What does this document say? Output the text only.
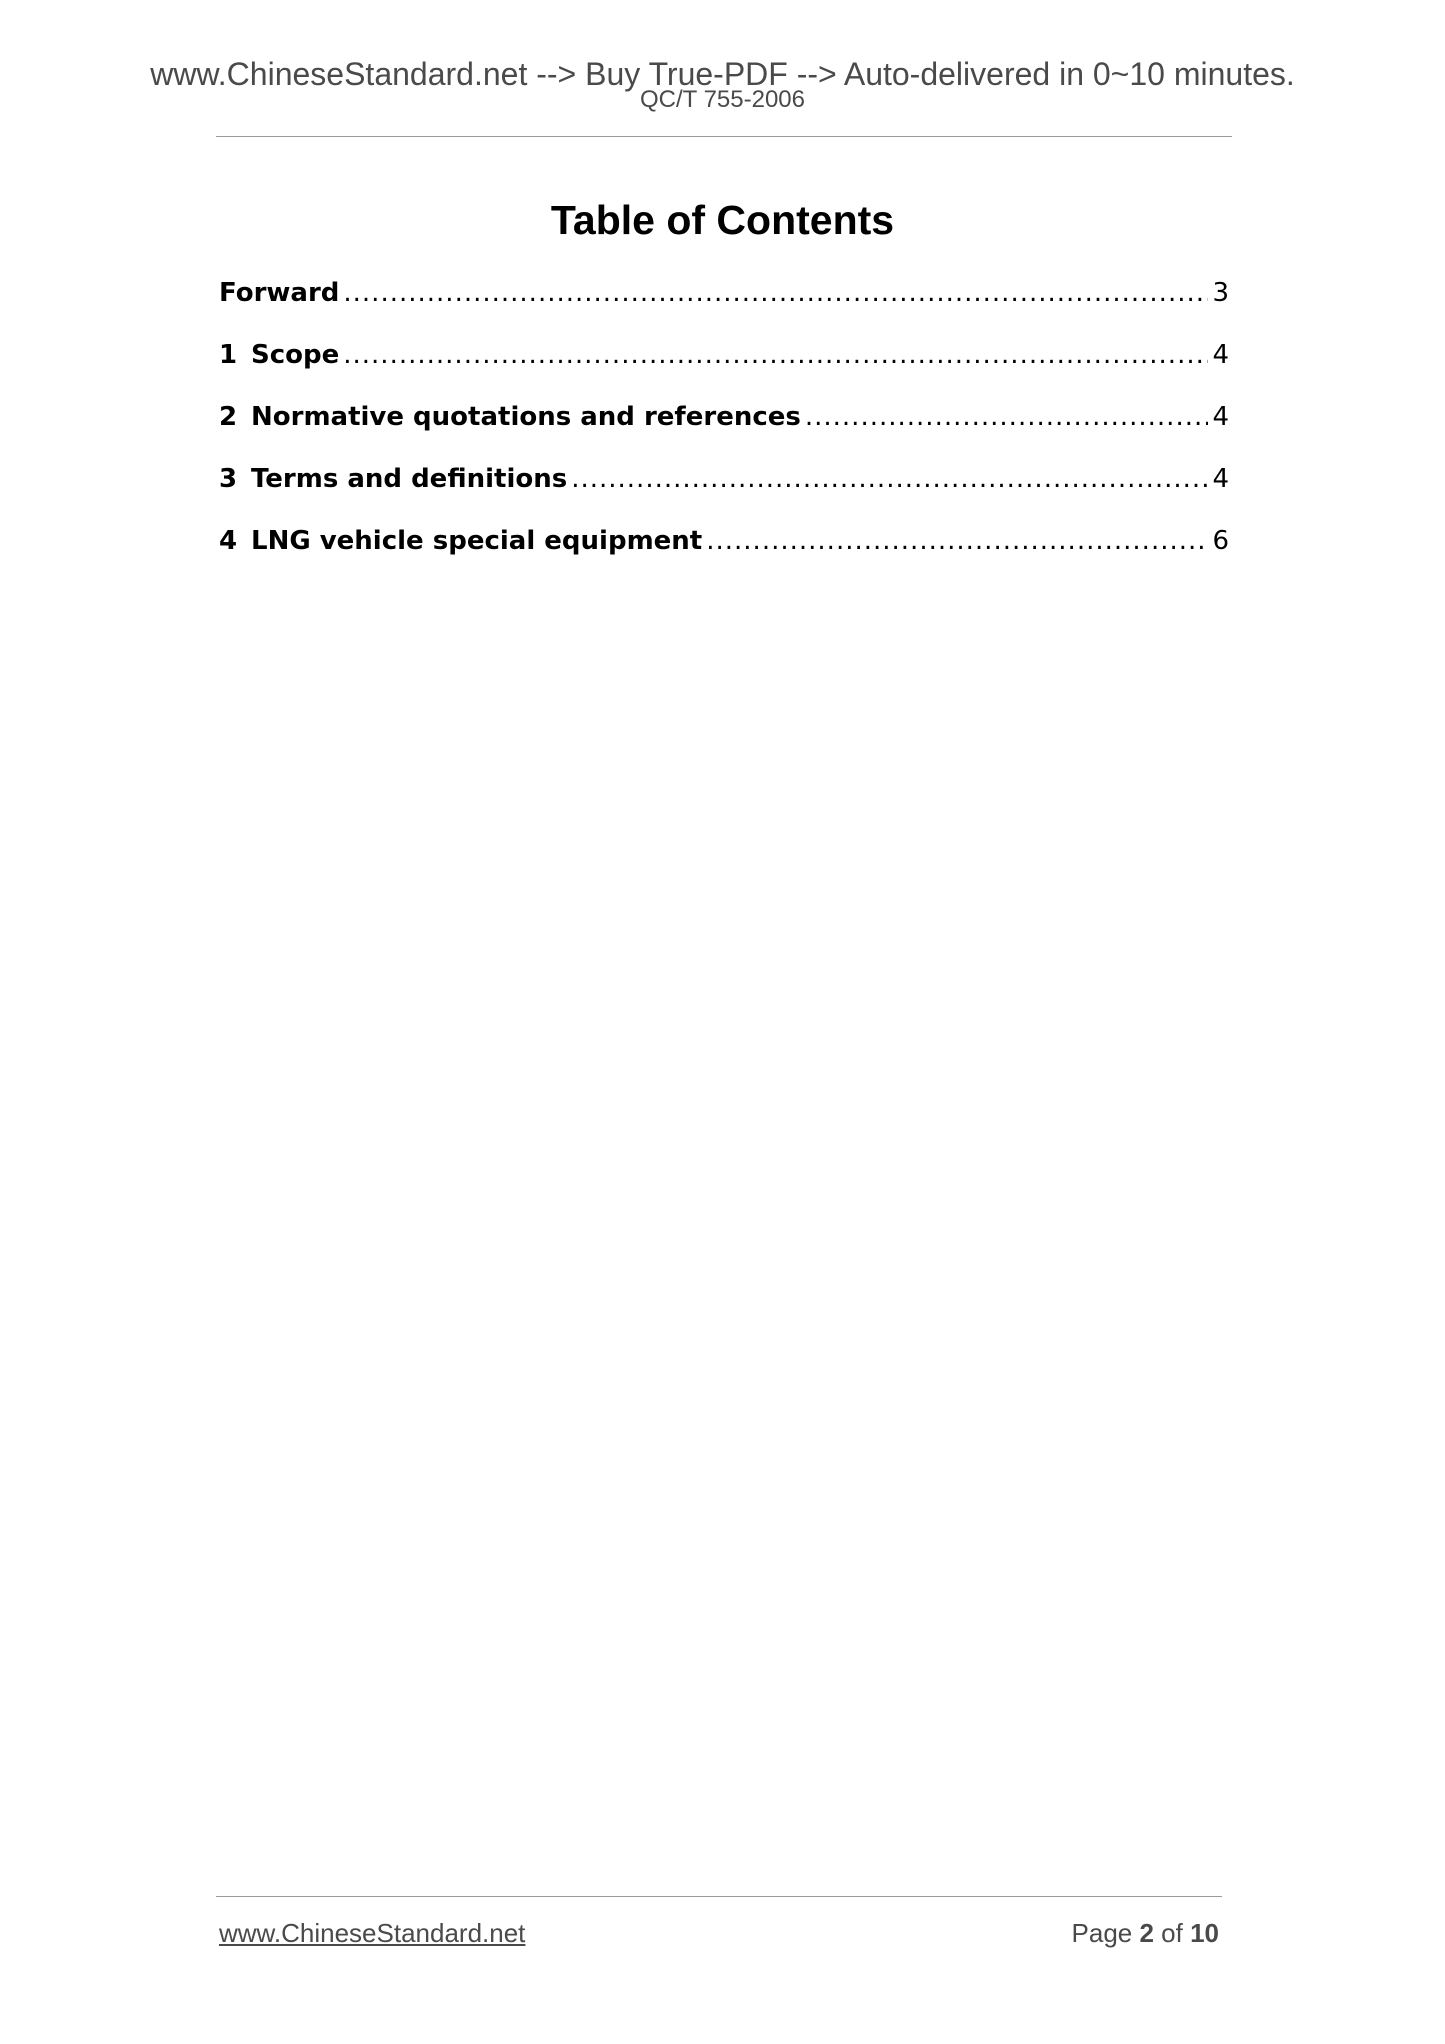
www.ChineseStandard.net --> Buy True-PDF --> Auto-delivered in 0~10 minutes.
QC/T 755-2006
Table of Contents
Forward .....	3
1 Scope .....	4
2 Normative quotations and references .....	4
3 Terms and definitions .....	4
4 LNG vehicle special equipment .....	6
www.ChineseStandard.net	Page 2 of 10
